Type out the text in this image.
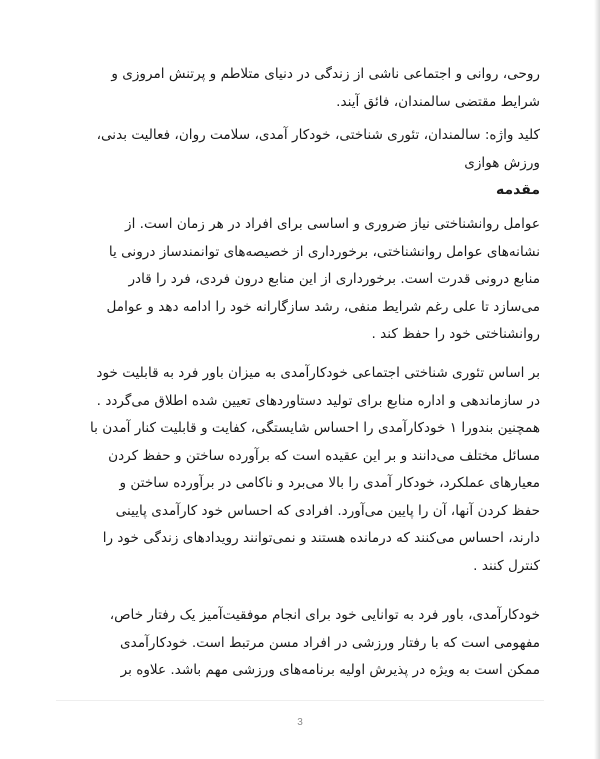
روحی، روانی و اجتماعی ناشی از زندگی در دنیای متلاطم و پرتنش امروزی و
شرایط مقتضی سالمندان، فائق آیند.
کلید واژه: سالمندان، تئوری شناختی، خودکار آمدی، سلامت روان، فعالیت بدنی،
ورزش هوازی
مقدمه
عوامل روانشناختی نیاز ضروری و اساسی برای افراد در هر زمان است. از
نشانه‌های عوامل روانشناختی، برخورداری از خصیصه‌های توانمندساز درونی یا
منابع درونی قدرت است. برخورداری از این منابع درون فردی، فرد را قادر
می‌سازد تا علی رغم شرایط منفی، رشد سازگارانه خود را ادامه دهد و عوامل
روانشناختی خود را حفظ کند .
بر اساس تئوری شناختی اجتماعی خودکارآمدی به میزان باور فرد به قابلیت خود
در سازماندهی و اداره منابع برای تولید دستاوردهای تعیین شده اطلاق می‌گردد .
همچنین بندورا ۱ خودکارآمدی را احساس شایستگی، کفایت و قابلیت کنار آمدن با
مسائل مختلف می‌دانند و بر این عقیده است که برآورده ساختن و حفظ کردن
معیارهای عملکرد، خودکار آمدی را بالا می‌برد و ناکامی در برآورده ساختن و
حفظ کردن آنها، آن را پایین می‌آورد. افرادی که احساس خود کارآمدی پایینی
دارند، احساس می‌کنند که درمانده هستند و نمی‌توانند رویدادهای زندگی خود را
کنترل کنند .
خودکارآمدی، باور فرد به توانایی خود برای انجام موفقیت‌آمیز یک رفتار خاص،
مفهومی است که با رفتار ورزشی در افراد مسن مرتبط است. خودکارآمدی
ممکن است به ویژه در پذیرش اولیه برنامه‌های ورزشی مهم باشد. علاوه بر
3
